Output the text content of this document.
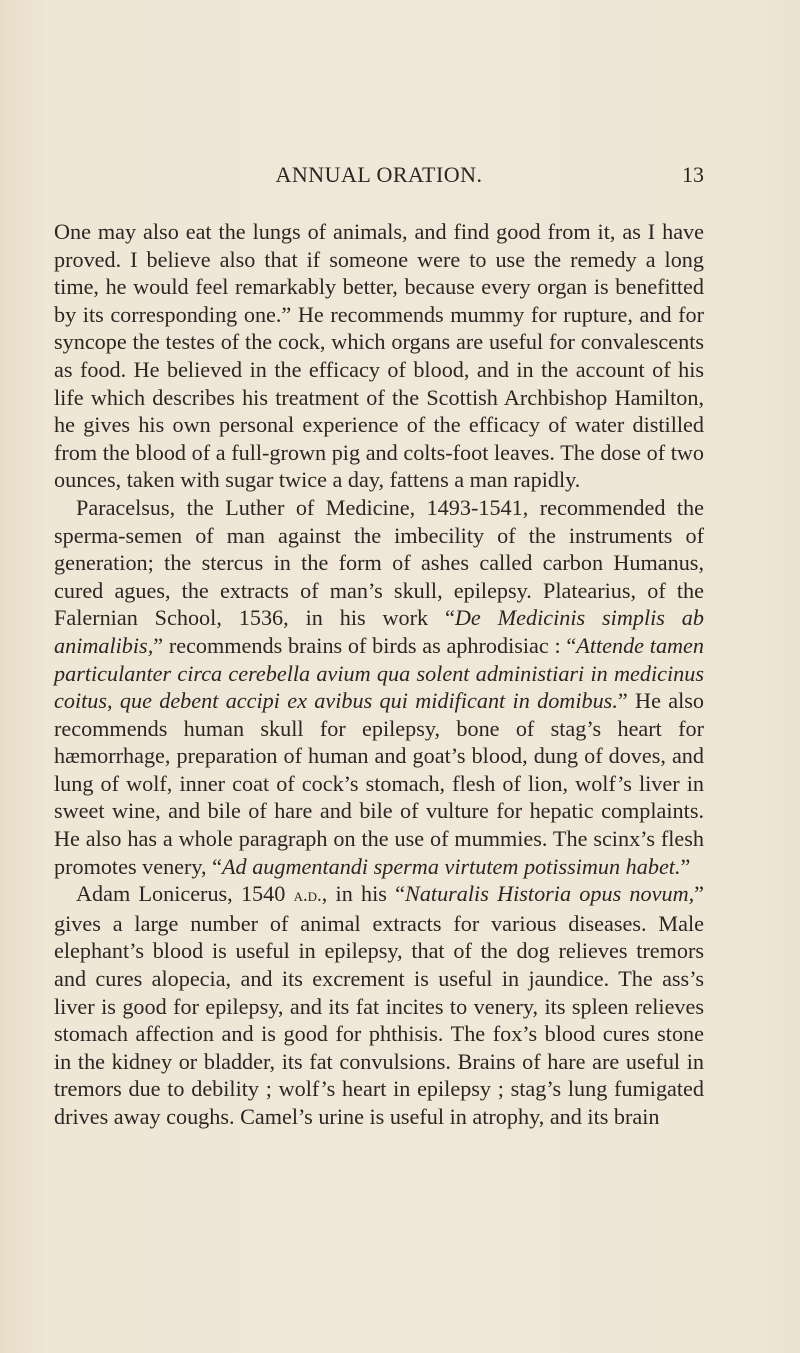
ANNUAL ORATION.	13

One may also eat the lungs of animals, and find good from it, as I have proved. I believe also that if someone were to use the remedy a long time, he would feel remarkably better, because every organ is benefitted by its corresponding one.” He recommends mummy for rupture, and for syncope the testes of the cock, which organs are useful for convalescents as food. He believed in the efficacy of blood, and in the account of his life which describes his treatment of the Scottish Archbishop Hamilton, he gives his own personal experience of the efficacy of water distilled from the blood of a full-grown pig and colts-foot leaves. The dose of two ounces, taken with sugar twice a day, fattens a man rapidly.

Paracelsus, the Luther of Medicine, 1493-1541, recommended the sperma-semen of man against the imbecility of the instruments of generation; the stercus in the form of ashes called carbon Humanus, cured agues, the extracts of man’s skull, epilepsy. Platearius, of the Falernian School, 1536, in his work “De Medicinis simplis ab animalibis,” recommends brains of birds as aphrodisiac : “Attende tamen particulanter circa cerebella avium qua solent administiari in medicinus coitus, que debent accipi ex avibus qui midificant in domibus.” He also recommends human skull for epilepsy, bone of stag’s heart for hæmorrhage, preparation of human and goat’s blood, dung of doves, and lung of wolf, inner coat of cock’s stomach, flesh of lion, wolf’s liver in sweet wine, and bile of hare and bile of vulture for hepatic complaints. He also has a whole paragraph on the use of mummies. The scinx’s flesh promotes venery, “Ad augmentandi sperma virtutem potissimun habet.”

Adam Lonicerus, 1540 a.d., in his “Naturalis Historia opus novum,” gives a large number of animal extracts for various diseases. Male elephant’s blood is useful in epilepsy, that of the dog relieves tremors and cures alopecia, and its excrement is useful in jaundice. The ass’s liver is good for epilepsy, and its fat incites to venery, its spleen relieves stomach affection and is good for phthisis. The fox’s blood cures stone in the kidney or bladder, its fat convulsions. Brains of hare are useful in tremors due to debility ; wolf’s heart in epilepsy ; stag’s lung fumigated drives away coughs. Camel’s urine is useful in atrophy, and its brain
